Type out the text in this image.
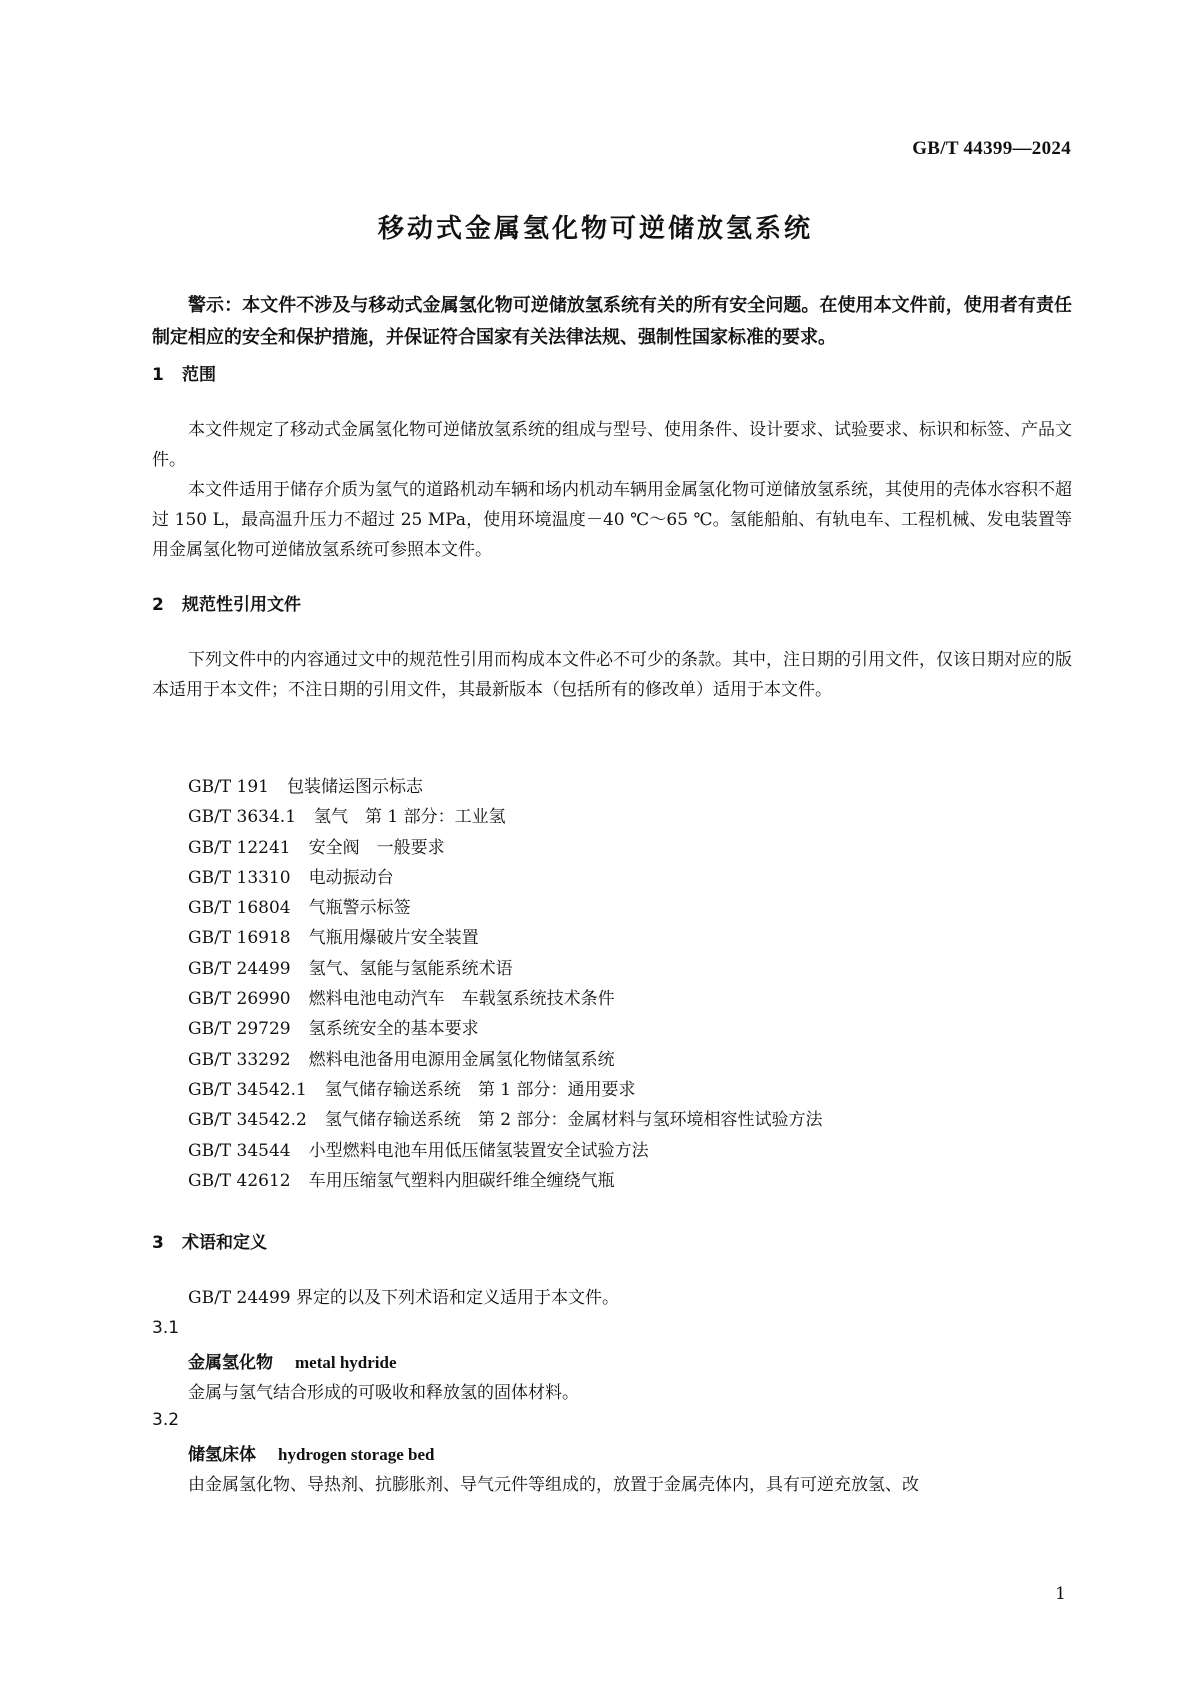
GB/T 44399—2024
移动式金属氢化物可逆储放氢系统

警示：本文件不涉及与移动式金属氢化物可逆储放氢系统有关的所有安全问题。在使用本文件前，使用者有责任制定相应的安全和保护措施，并保证符合国家有关法律法规、强制性国家标准的要求。

1 范围

本文件规定了移动式金属氢化物可逆储放氢系统的组成与型号、使用条件、设计要求、试验要求、标识和标签、产品文件。

本文件适用于储存介质为氢气的道路机动车辆和场内机动车辆用金属氢化物可逆储放氢系统，其使用的壳体水容积不超过 150 L，最高温升压力不超过 25 MPa，使用环境温度－40 ℃～65 ℃。氢能船舶、有轨电车、工程机械、发电装置等用金属氢化物可逆储放氢系统可参照本文件。

2 规范性引用文件

下列文件中的内容通过文中的规范性引用而构成本文件必不可少的条款。其中，注日期的引用文件，仅该日期对应的版本适用于本文件；不注日期的引用文件，其最新版本（包括所有的修改单）适用于本文件。

GB/T 191 包装储运图示标志
GB/T 3634.1 氢气　第 1 部分：工业氢
GB/T 12241 安全阀　一般要求
GB/T 13310 电动振动台
GB/T 16804 气瓶警示标签
GB/T 16918 气瓶用爆破片安全装置
GB/T 24499 氢气、氢能与氢能系统术语
GB/T 26990 燃料电池电动汽车　车载氢系统技术条件
GB/T 29729 氢系统安全的基本要求
GB/T 33292 燃料电池备用电源用金属氢化物储氢系统
GB/T 34542.1 氢气储存输送系统　第 1 部分：通用要求
GB/T 34542.2 氢气储存输送系统　第 2 部分：金属材料与氢环境相容性试验方法
GB/T 34544 小型燃料电池车用低压储氢装置安全试验方法
GB/T 42612 车用压缩氢气塑料内胆碳纤维全缠绕气瓶
3 术语和定义

GB/T 24499 界定的以及下列术语和定义适用于本文件。

3.1

金属氢化物 metal hydride

金属与氢气结合形成的可吸收和释放氢的固体材料。

3.2

储氢床体 hydrogen storage bed

由金属氢化物、导热剂、抗膨胀剂、导气元件等组成的，放置于金属壳体内，具有可逆充放氢、改

1
